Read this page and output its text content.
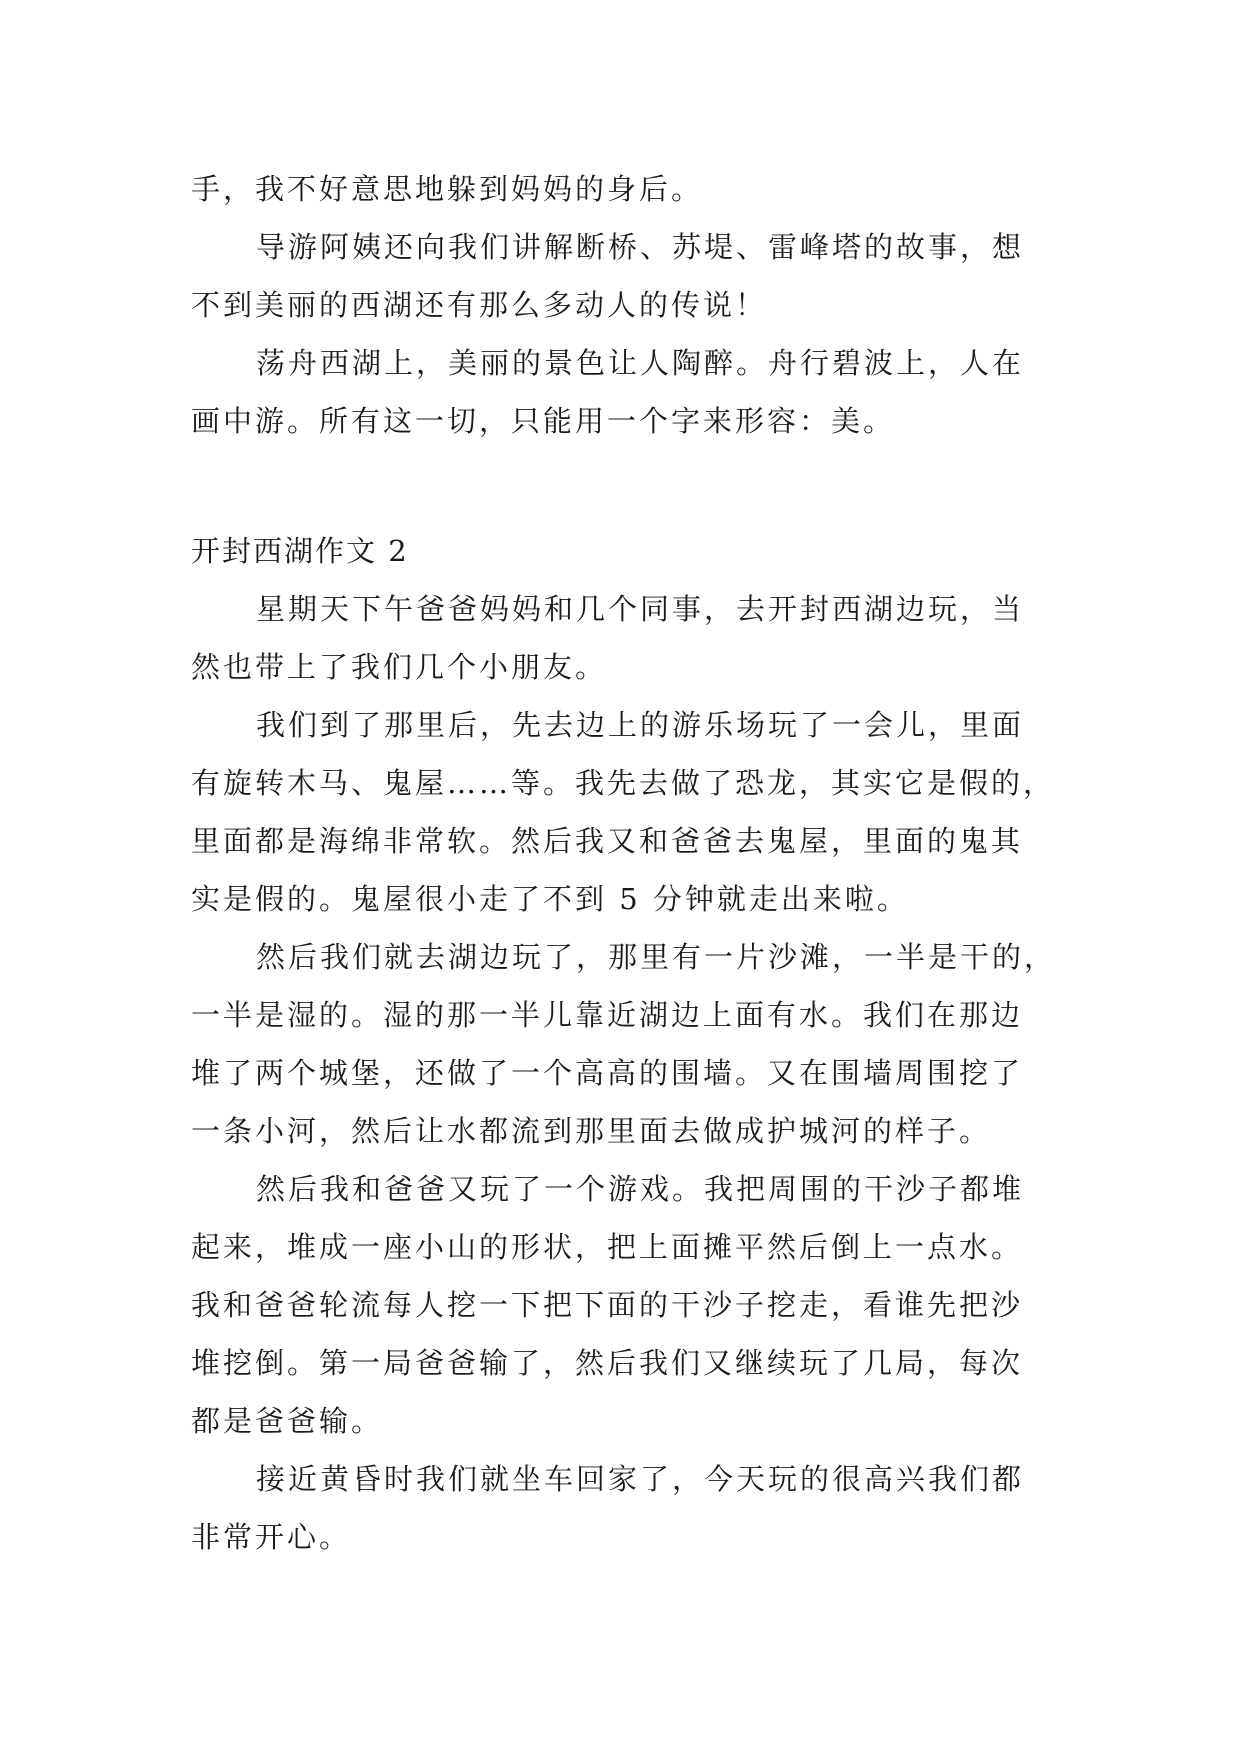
手，我不好意思地躲到妈妈的身后。
导游阿姨还向我们讲解断桥、苏堤、雷峰塔的故事，想
不到美丽的西湖还有那么多动人的传说！
荡舟西湖上，美丽的景色让人陶醉。舟行碧波上，人在
画中游。所有这一切，只能用一个字来形容：美。
开封西湖作文 2
星期天下午爸爸妈妈和几个同事，去开封西湖边玩，当
然也带上了我们几个小朋友。
我们到了那里后，先去边上的游乐场玩了一会儿，里面
有旋转木马、鬼屋……等。我先去做了恐龙，其实它是假的，
里面都是海绵非常软。然后我又和爸爸去鬼屋，里面的鬼其
实是假的。鬼屋很小走了不到 5 分钟就走出来啦。
然后我们就去湖边玩了，那里有一片沙滩，一半是干的，
一半是湿的。湿的那一半儿靠近湖边上面有水。我们在那边
堆了两个城堡，还做了一个高高的围墙。又在围墙周围挖了
一条小河，然后让水都流到那里面去做成护城河的样子。
然后我和爸爸又玩了一个游戏。我把周围的干沙子都堆
起来，堆成一座小山的形状，把上面摊平然后倒上一点水。
我和爸爸轮流每人挖一下把下面的干沙子挖走，看谁先把沙
堆挖倒。第一局爸爸输了，然后我们又继续玩了几局，每次
都是爸爸输。
接近黄昏时我们就坐车回家了，今天玩的很高兴我们都
非常开心。
